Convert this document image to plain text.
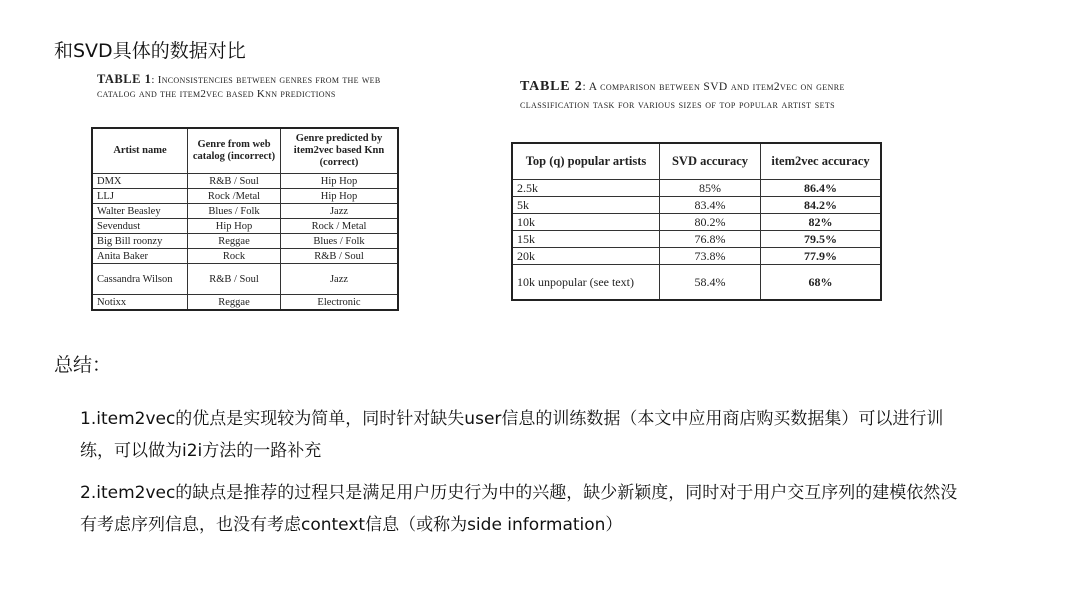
和SVD具体的数据对比
TABLE 1: Inconsistencies between genres from the web catalog and the item2vec based Knn predictions
Artist name	Genre from web catalog (incorrect)	Genre predicted by item2vec based Knn (correct)
DMX	R&B / Soul	Hip Hop
LLJ	Rock /Metal	Hip Hop
Walter Beasley	Blues / Folk	Jazz
Sevendust	Hip Hop	Rock / Metal
Big Bill roonzy	Reggae	Blues / Folk
Anita Baker	Rock	R&B / Soul
Cassandra Wilson	R&B / Soul	Jazz
Notixx	Reggae	Electronic
TABLE 2: A comparison between SVD and item2vec on genre classification task for various sizes of top popular artist sets
Top (q) popular artists	SVD accuracy	item2vec accuracy
2.5k	85%	86.4%
5k	83.4%	84.2%
10k	80.2%	82%
15k	76.8%	79.5%
20k	73.8%	77.9%
10k unpopular (see text)	58.4%	68%
总结：
1.item2vec的优点是实现较为简单，同时针对缺失user信息的训练数据（本文中应用商店购买数据集）可以进行训练，可以做为i2i方法的一路补充
2.item2vec的缺点是推荐的过程只是满足用户历史行为中的兴趣，缺少新颖度，同时对于用户交互序列的建模依然没有考虑序列信息，也没有考虑context信息（或称为side information）
